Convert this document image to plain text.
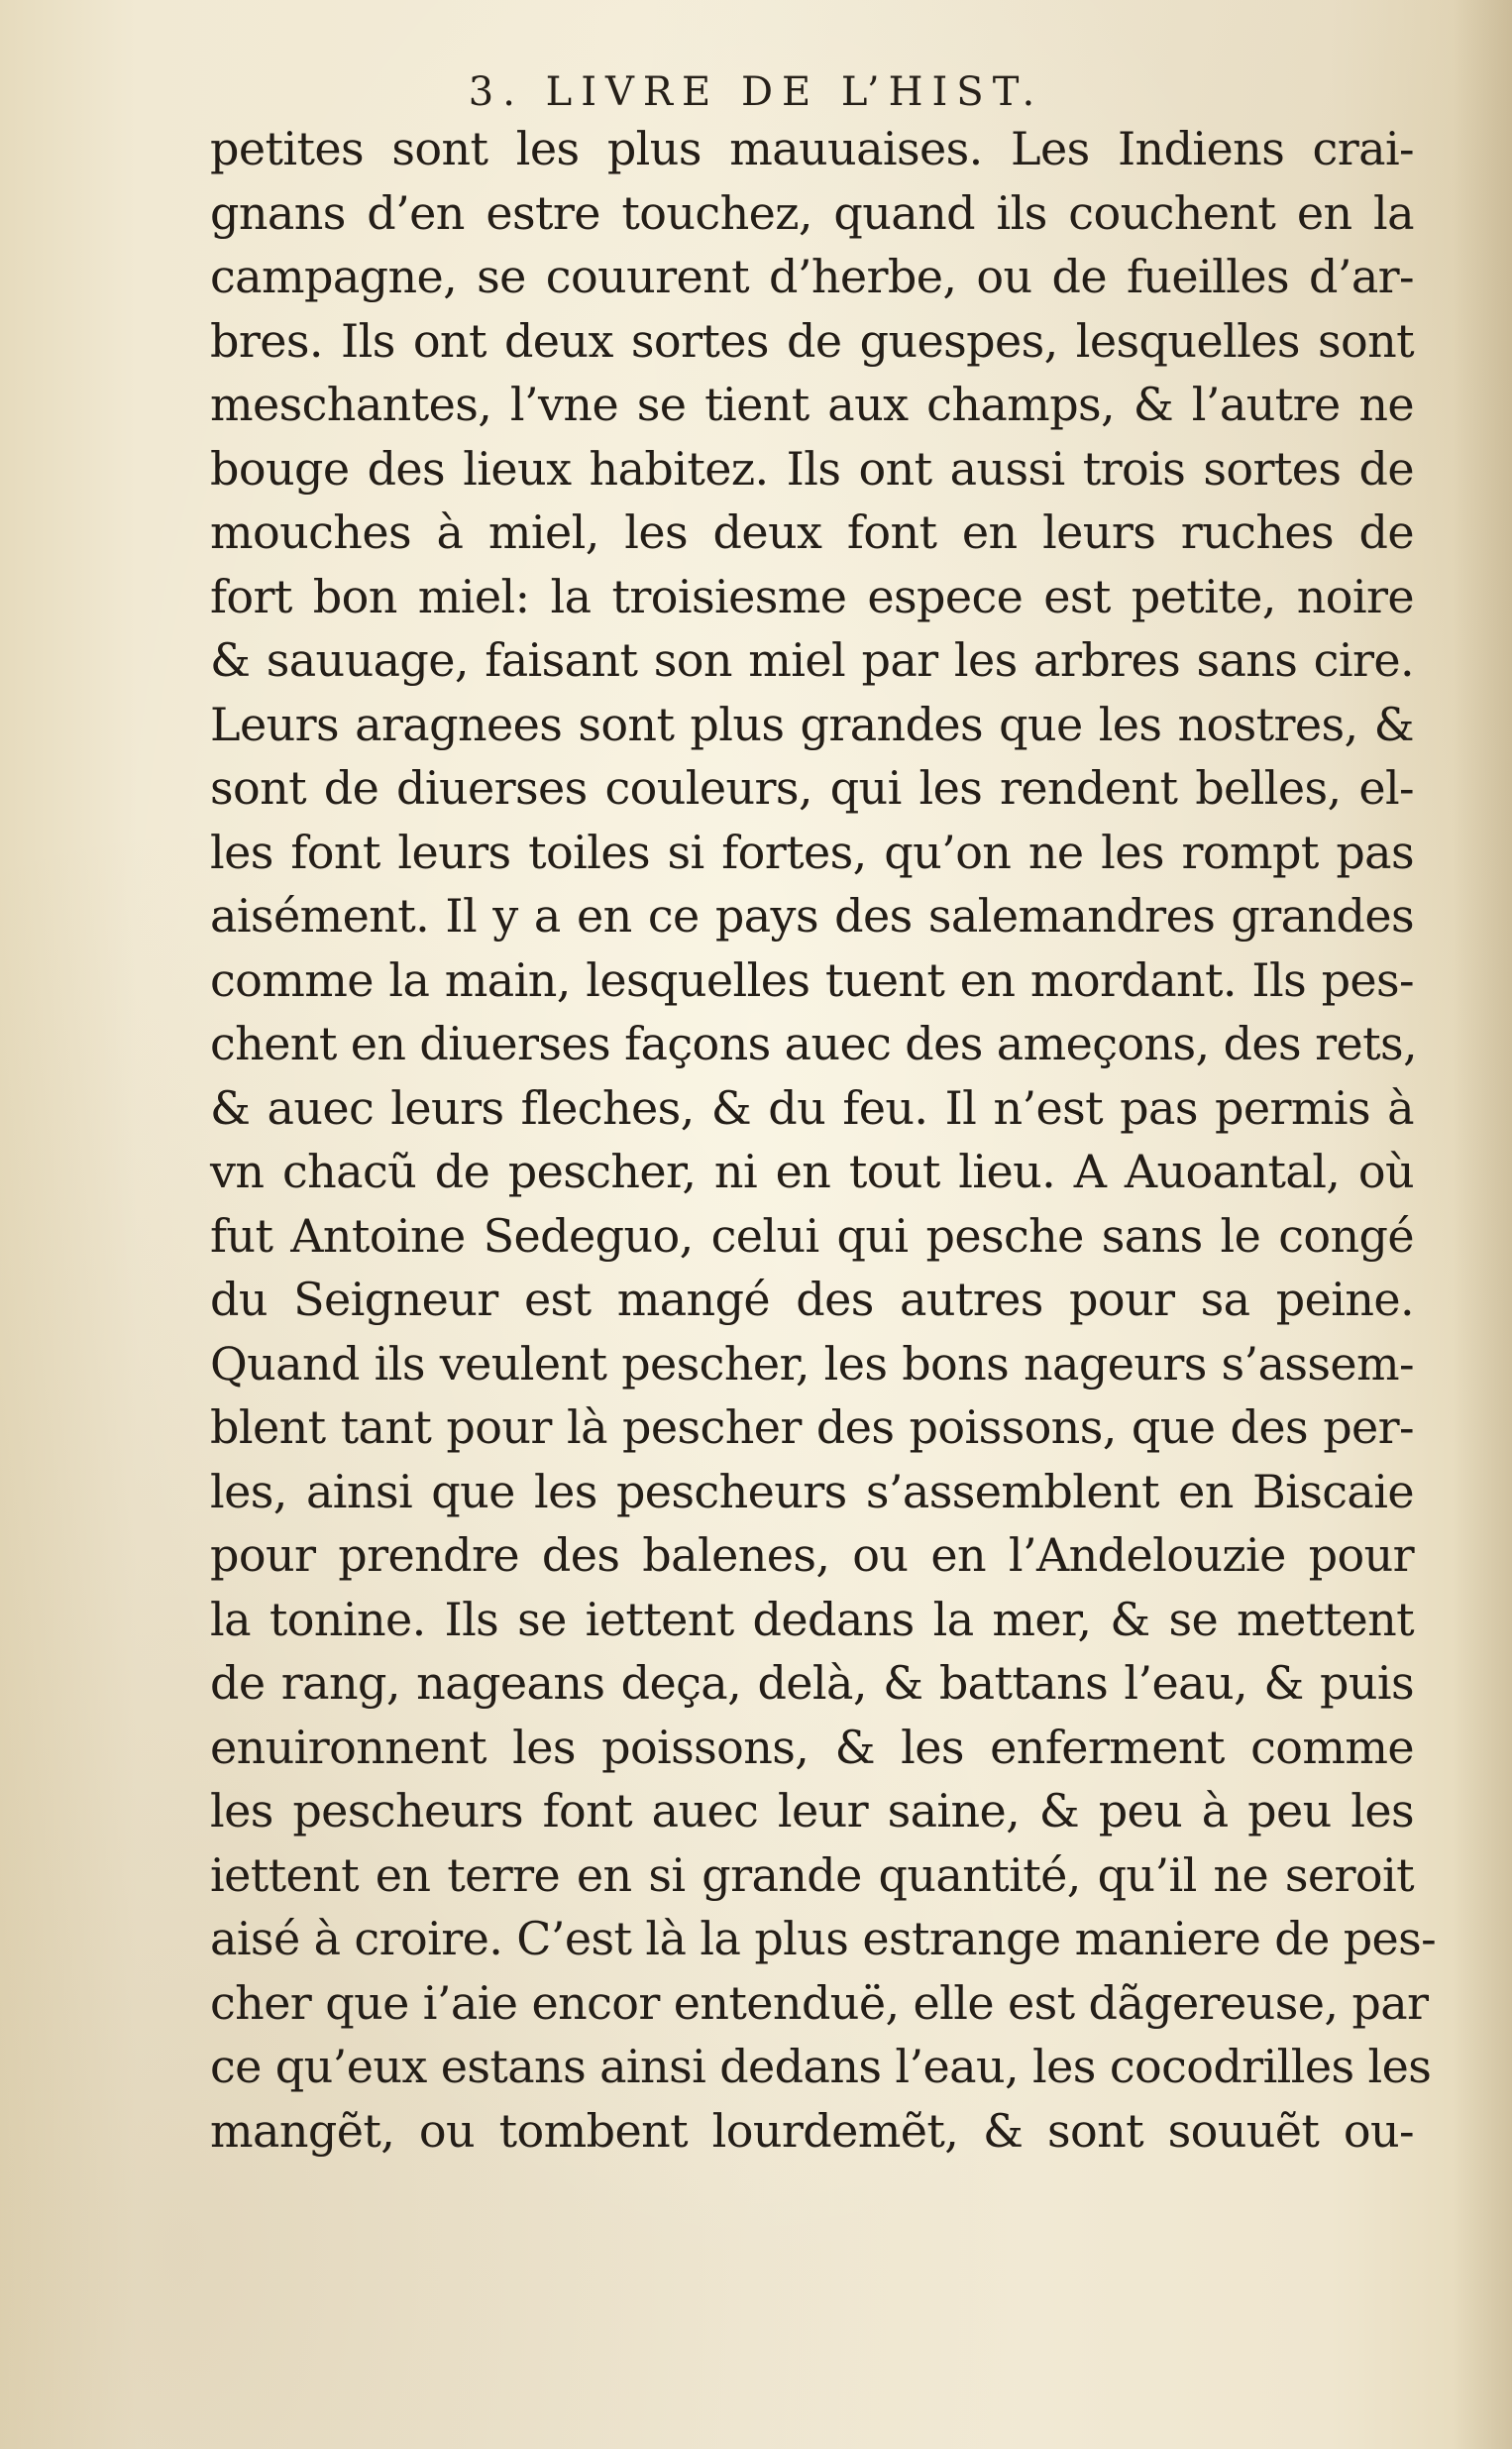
3. LIVRE DE L’HIST.
petites sont les plus mauuaises. Les Indiens crai-
gnans d’en estre touchez, quand ils couchent en la
campagne, se couurent d’herbe, ou de fueilles d’ar-
bres. Ils ont deux sortes de guespes, lesquelles sont
meschantes, l’vne se tient aux champs, & l’autre ne
bouge des lieux habitez. Ils ont aussi trois sortes de
mouches à miel, les deux font en leurs ruches de
fort bon miel: la troisiesme espece est petite, noire
& sauuage, faisant son miel par les arbres sans cire.
Leurs aragnees sont plus grandes que les nostres, &
sont de diuerses couleurs, qui les rendent belles, el-
les font leurs toiles si fortes, qu’on ne les rompt pas
aisément. Il y a en ce pays des salemandres grandes
comme la main, lesquelles tuent en mordant. Ils pes-
chent en diuerses façons auec des ameçons, des rets,
& auec leurs fleches, & du feu. Il n’est pas permis à
vn chacũ de pescher, ni en tout lieu. A Auoantal, où
fut Antoine Sedeguo, celui qui pesche sans le congé
du Seigneur est mangé des autres pour sa peine.
Quand ils veulent pescher, les bons nageurs s’assem-
blent tant pour là pescher des poissons, que des per-
les, ainsi que les pescheurs s’assemblent en Biscaie
pour prendre des balenes, ou en l’Andelouzie pour
la tonine. Ils se iettent dedans la mer, & se mettent
de rang, nageans deça, delà, & battans l’eau, & puis
enuironnent les poissons, & les enferment comme
les pescheurs font auec leur saine, & peu à peu les
iettent en terre en si grande quantité, qu’il ne seroit
aisé à croire. C’est là la plus estrange maniere de pes-
cher que i’aie encor entenduë, elle est dãgereuse, par
ce qu’eux estans ainsi dedans l’eau, les cocodrilles les
mangẽt, ou tombent lourdemẽt, & sont souuẽt ou-
